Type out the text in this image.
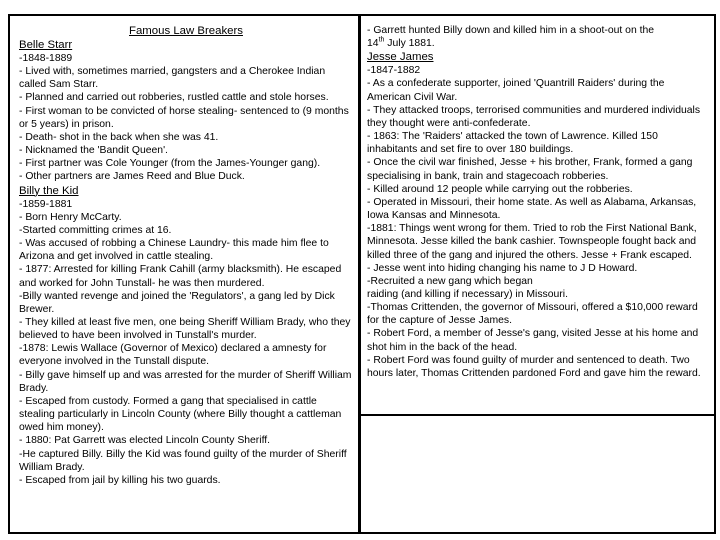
Famous Law Breakers

Belle Starr

-1848-1889
- Lived with, sometimes married, gangsters and a Cherokee Indian called Sam Starr.
- Planned and carried out robberies, rustled cattle and stole horses.
- First woman to be convicted of horse stealing- sentenced to (9 months or 5 years) in prison.
- Death- shot in the back when she was 41.
- Nicknamed the 'Bandit Queen'.
- First partner was Cole Younger (from the James-Younger gang).
- Other partners are James Reed and Blue Duck.

Billy the Kid

-1859-1881
- Born Henry McCarty.
-Started committing crimes at 16.
- Was accused of robbing a Chinese Laundry- this made him flee to Arizona and get involved in cattle stealing.
- 1877: Arrested for killing Frank Cahill (army blacksmith). He escaped and worked for John Tunstall- he was then murdered.
-Billy wanted revenge and joined the 'Regulators', a gang led by Dick Brewer.
- They killed at least five men, one being Sheriff William Brady, who they believed to have been involved in Tunstall's murder.
-1878: Lewis Wallace (Governor of Mexico) declared a amnesty for everyone involved in the Tunstall dispute.
- Billy gave himself up and was arrested for the murder of Sheriff William Brady.
- Escaped from custody. Formed a gang that specialised in cattle stealing particularly in Lincoln County (where Billy thought a cattleman owed him money).
- 1880: Pat Garrett was elected Lincoln County Sheriff.
-He captured Billy. Billy the Kid was found guilty of the murder of Sheriff William Brady.
- Escaped from jail by killing his two guards.

- Garrett hunted Billy down and killed him in a shoot-out on the
14th July 1881.

Jesse James

-1847-1882
- As a confederate supporter, joined 'Quantrill Raiders' during the American Civil War.
- They attacked troops, terrorised communities and murdered individuals they thought were anti-confederate.
- 1863: The 'Raiders' attacked the town of Lawrence. Killed 150 inhabitants and set fire to over 180 buildings.
- Once the civil war finished, Jesse + his brother, Frank, formed a gang specialising in bank, train and stagecoach robberies.
- Killed around 12 people while carrying out the robberies.
- Operated in Missouri, their home state. As well as Alabama, Arkansas, Iowa Kansas and Minnesota.
-1881: Things went wrong for them. Tried to rob the First National Bank, Minnesota. Jesse killed the bank cashier. Townspeople fought back and killed three of the gang and injured the others. Jesse + Frank escaped.
- Jesse went into hiding changing his name to J D Howard.
-Recruited a new gang which began
raiding (and killing if necessary) in Missouri.
-Thomas Crittenden, the governor of Missouri, offered a $10,000 reward for the capture of Jesse James.
- Robert Ford, a member of Jesse's gang, visited Jesse at his home and shot him in the back of the head.
- Robert Ford was found guilty of murder and sentenced to death. Two hours later, Thomas Crittenden pardoned Ford and gave him the reward.
